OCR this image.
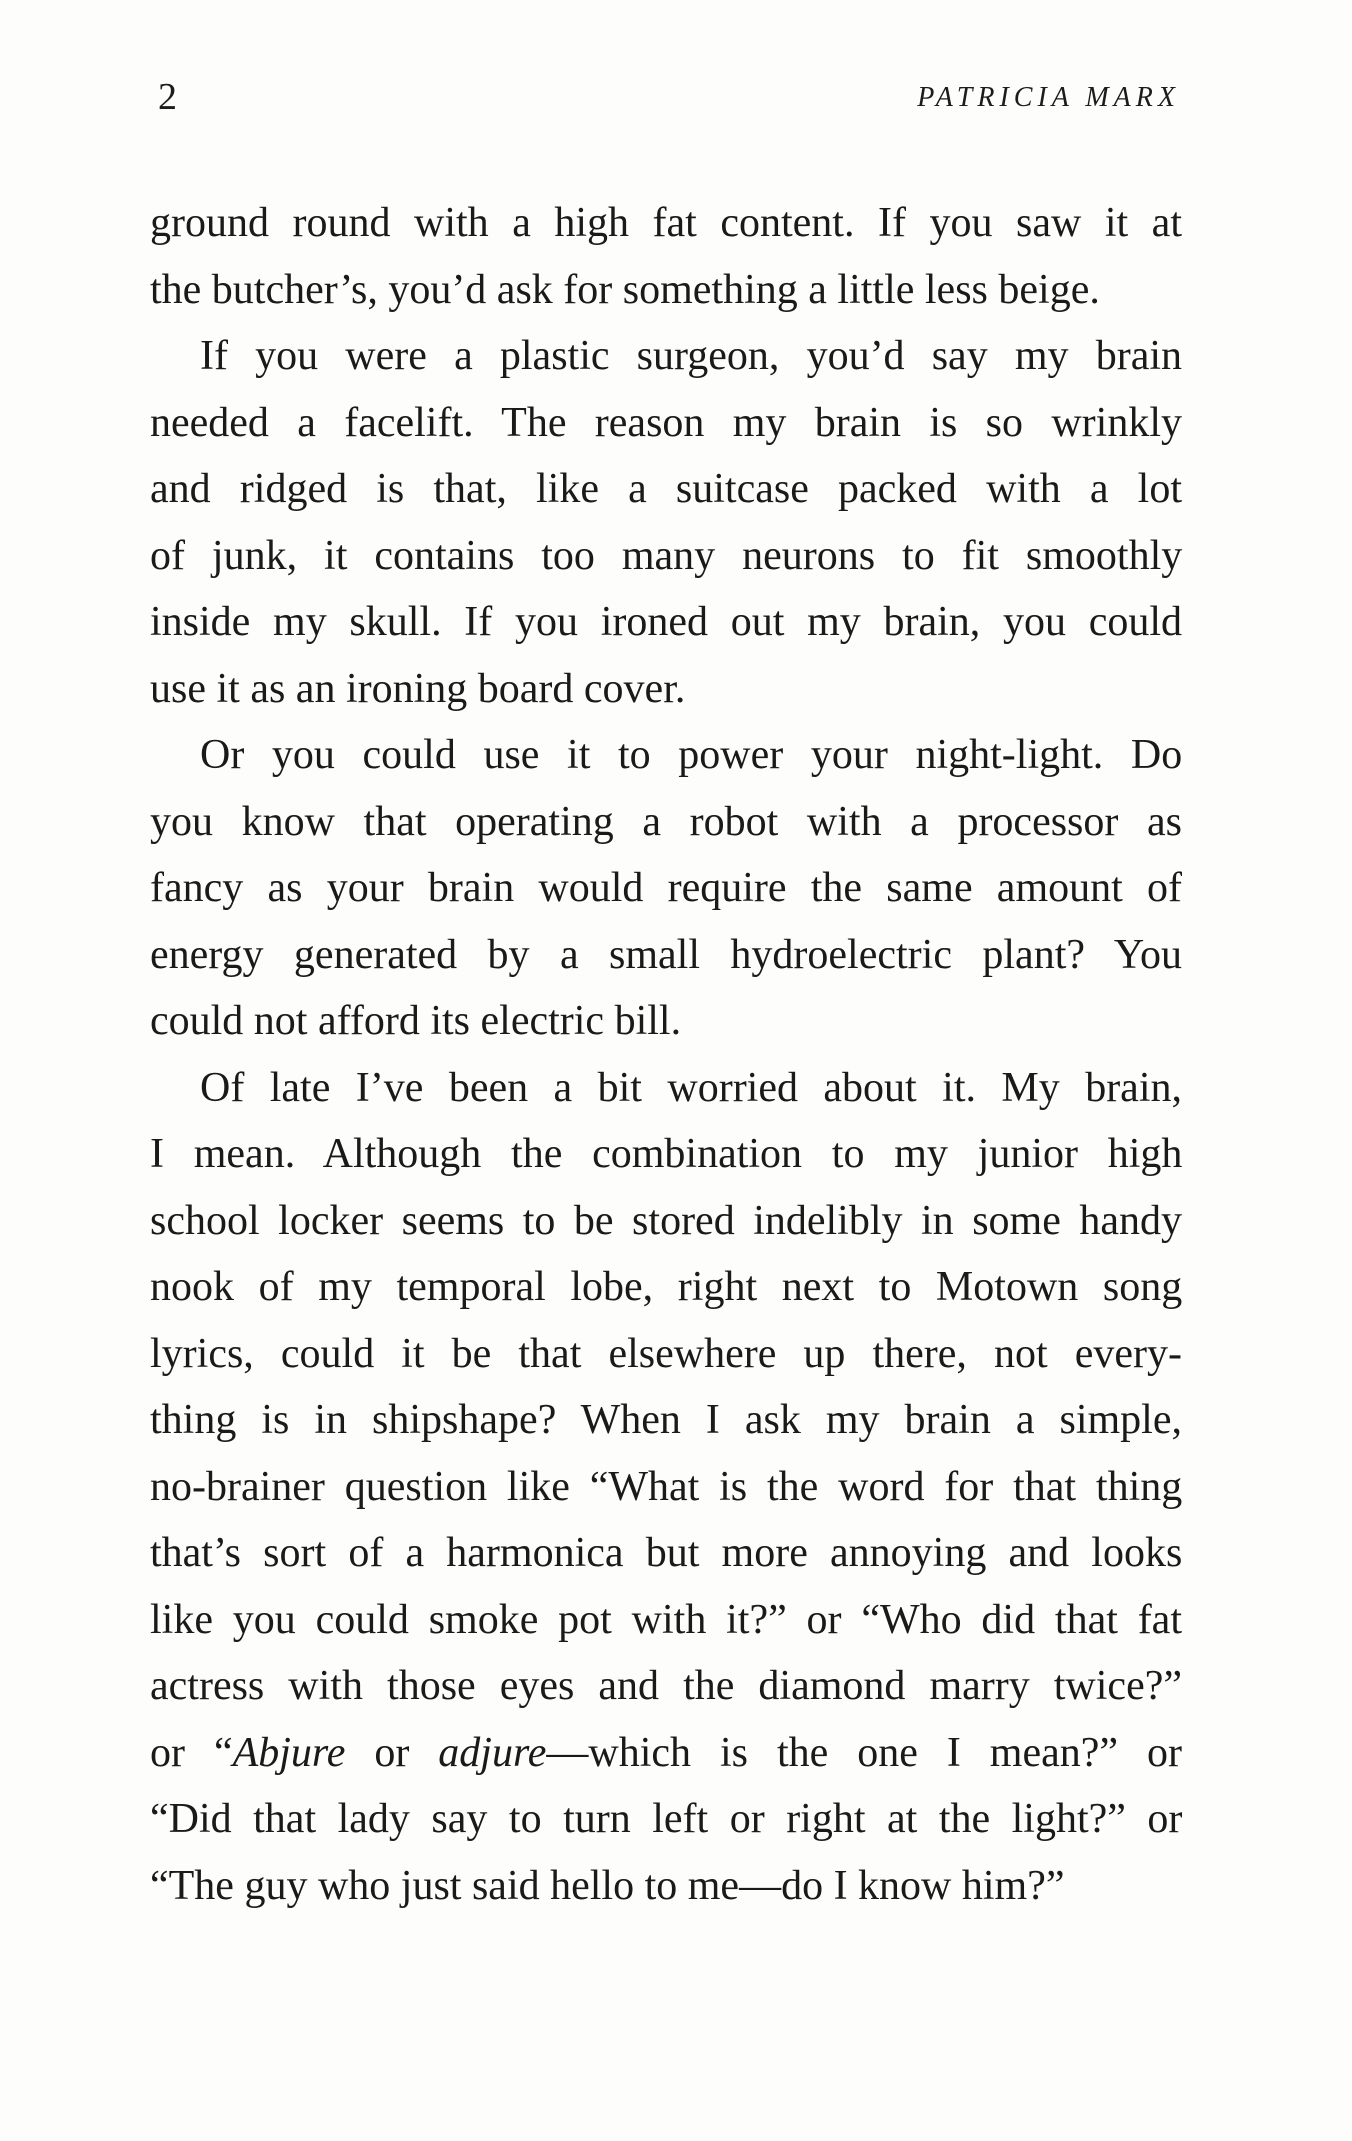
2	PATRICIA MARX
ground round with a high fat content. If you saw it at
the butcher’s, you’d ask for something a little less beige.
If you were a plastic surgeon, you’d say my brain
needed a facelift. The reason my brain is so wrinkly
and ridged is that, like a suitcase packed with a lot
of junk, it contains too many neurons to fit smoothly
inside my skull. If you ironed out my brain, you could
use it as an ironing board cover.
Or you could use it to power your night-light. Do
you know that operating a robot with a processor as
fancy as your brain would require the same amount of
energy generated by a small hydroelectric plant? You
could not afford its electric bill.
Of late I’ve been a bit worried about it. My brain,
I mean. Although the combination to my junior high
school locker seems to be stored indelibly in some handy
nook of my temporal lobe, right next to Motown song
lyrics, could it be that elsewhere up there, not every-
thing is in shipshape? When I ask my brain a simple,
no-brainer question like “What is the word for that thing
that’s sort of a harmonica but more annoying and looks
like you could smoke pot with it?” or “Who did that fat
actress with those eyes and the diamond marry twice?”
or “Abjure or adjure—which is the one I mean?” or
“Did that lady say to turn left or right at the light?” or
“The guy who just said hello to me—do I know him?”
